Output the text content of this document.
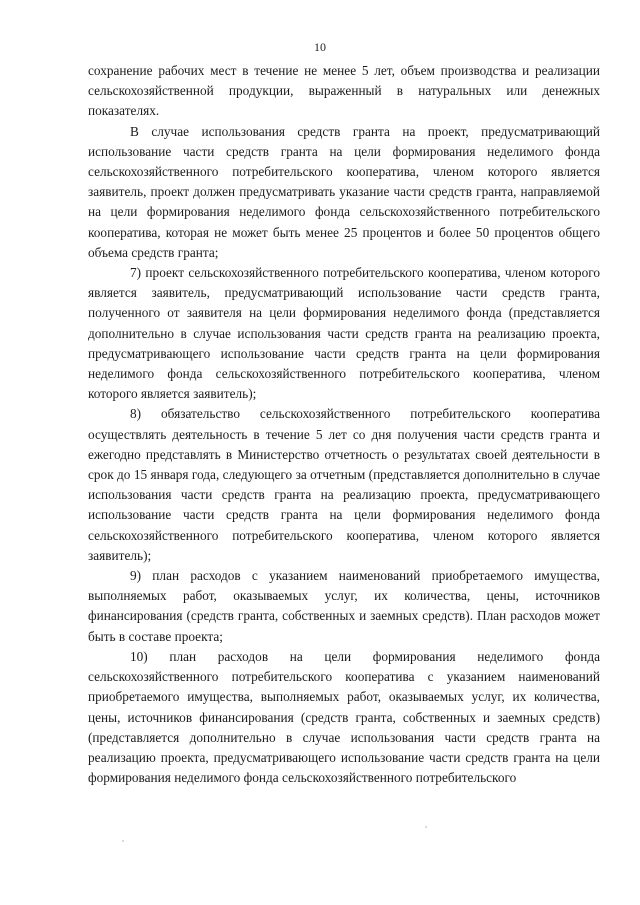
10

сохранение рабочих мест в течение не менее 5 лет, объем производства и реализации сельскохозяйственной продукции, выраженный в натуральных или денежных показателях.

В случае использования средств гранта на проект, предусматривающий использование части средств гранта на цели формирования неделимого фонда сельскохозяйственного потребительского кооператива, членом которого является заявитель, проект должен предусматривать указание части средств гранта, направляемой на цели формирования неделимого фонда сельскохозяйственного потребительского кооператива, которая не может быть менее 25 процентов и более 50 процентов общего объема средств гранта;

7) проект сельскохозяйственного потребительского кооператива, членом которого является заявитель, предусматривающий использование части средств гранта, полученного от заявителя на цели формирования неделимого фонда (представляется дополнительно в случае использования части средств гранта на реализацию проекта, предусматривающего использование части средств гранта на цели формирования неделимого фонда сельскохозяйственного потребительского кооператива, членом которого является заявитель);

8) обязательство сельскохозяйственного потребительского кооператива осуществлять деятельность в течение 5 лет со дня получения части средств гранта и ежегодно представлять в Министерство отчетность о результатах своей деятельности в срок до 15 января года, следующего за отчетным (представляется дополнительно в случае использования части средств гранта на реализацию проекта, предусматривающего использование части средств гранта на цели формирования неделимого фонда сельскохозяйственного потребительского кооператива, членом которого является заявитель);

9) план расходов с указанием наименований приобретаемого имущества, выполняемых работ, оказываемых услуг, их количества, цены, источников финансирования (средств гранта, собственных и заемных средств). План расходов может быть в составе проекта;

10) план расходов на цели формирования неделимого фонда сельскохозяйственного потребительского кооператива с указанием наименований приобретаемого имущества, выполняемых работ, оказываемых услуг, их количества, цены, источников финансирования (средств гранта, собственных и заемных средств) (представляется дополнительно в случае использования части средств гранта на реализацию проекта, предусматривающего использование части средств гранта на цели формирования неделимого фонда сельскохозяйственного потребительского
